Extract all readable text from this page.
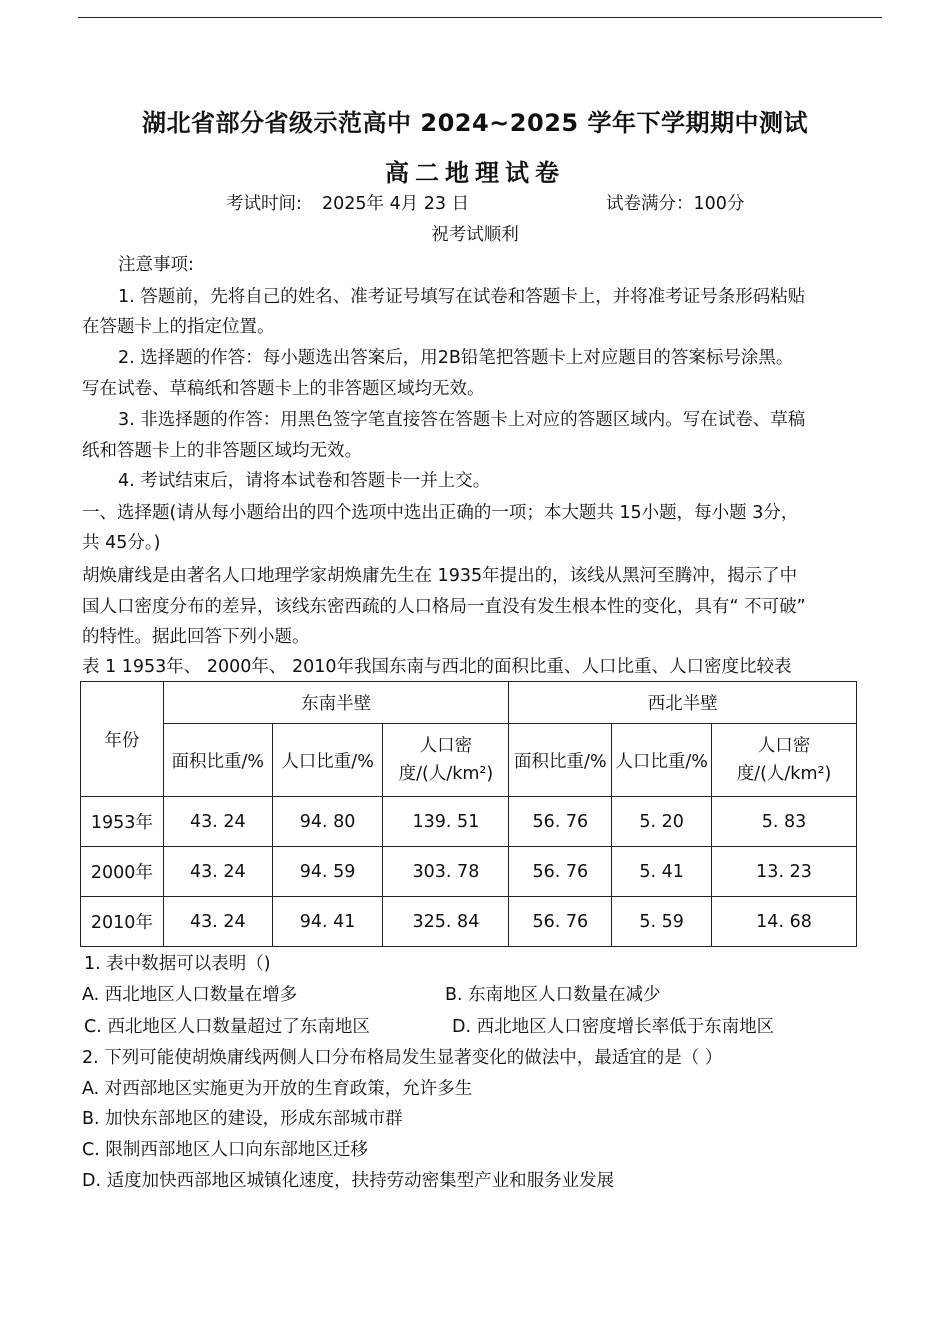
湖北省部分省级示范高中 2024~2025 学年下学期期中测试
高二地理试卷
考试时间: 2025年 4月 23 日	试卷满分：100分
祝考试顺利
注意事项:
1. 答题前，先将自己的姓名、准考证号填写在试卷和答题卡上，并将准考证号条形码粘贴
在答题卡上的指定位置。
2. 选择题的作答：每小题选出答案后，用2B铅笔把答题卡上对应题目的答案标号涂黑。
写在试卷、草稿纸和答题卡上的非答题区域均无效。
3. 非选择题的作答：用黑色签字笔直接答在答题卡上对应的答题区域内。写在试卷、草稿
纸和答题卡上的非答题区域均无效。
4. 考试结束后，请将本试卷和答题卡一并上交。
一、选择题(请从每小题给出的四个选项中选出正确的一项；本大题共 15小题，每小题 3分，
共 45分。)
胡焕庸线是由著名人口地理学家胡焕庸先生在 1935年提出的，该线从黑河至腾冲，揭示了中
国人口密度分布的差异，该线东密西疏的人口格局一直没有发生根本性的变化，具有“ 不可破”
的特性。据此回答下列小题。
表 1 1953年、 2000年、 2010年我国东南与西北的面积比重、人口比重、人口密度比较表
年份	东南半壁			西北半壁		
	面积比重/%	人口比重/%	人口密度/(人/km²)	面积比重/%	人口比重/%	人口密度/(人/km²)
1953年	43. 24	94. 80	139. 51	56. 76	5. 20	5. 83
2000年	43. 24	94. 59	303. 78	56. 76	5. 41	13. 23
2010年	43. 24	94. 41	325. 84	56. 76	5. 59	14. 68
1. 表中数据可以表明（)
A. 西北地区人口数量在增多	B. 东南地区人口数量在减少
C. 西北地区人口数量超过了东南地区	D. 西北地区人口密度增长率低于东南地区
2. 下列可能使胡焕庸线两侧人口分布格局发生显著变化的做法中，最适宜的是（ ）
A. 对西部地区实施更为开放的生育政策，允许多生
B. 加快东部地区的建设，形成东部城市群
C. 限制西部地区人口向东部地区迁移
D. 适度加快西部地区城镇化速度，扶持劳动密集型产业和服务业发展
